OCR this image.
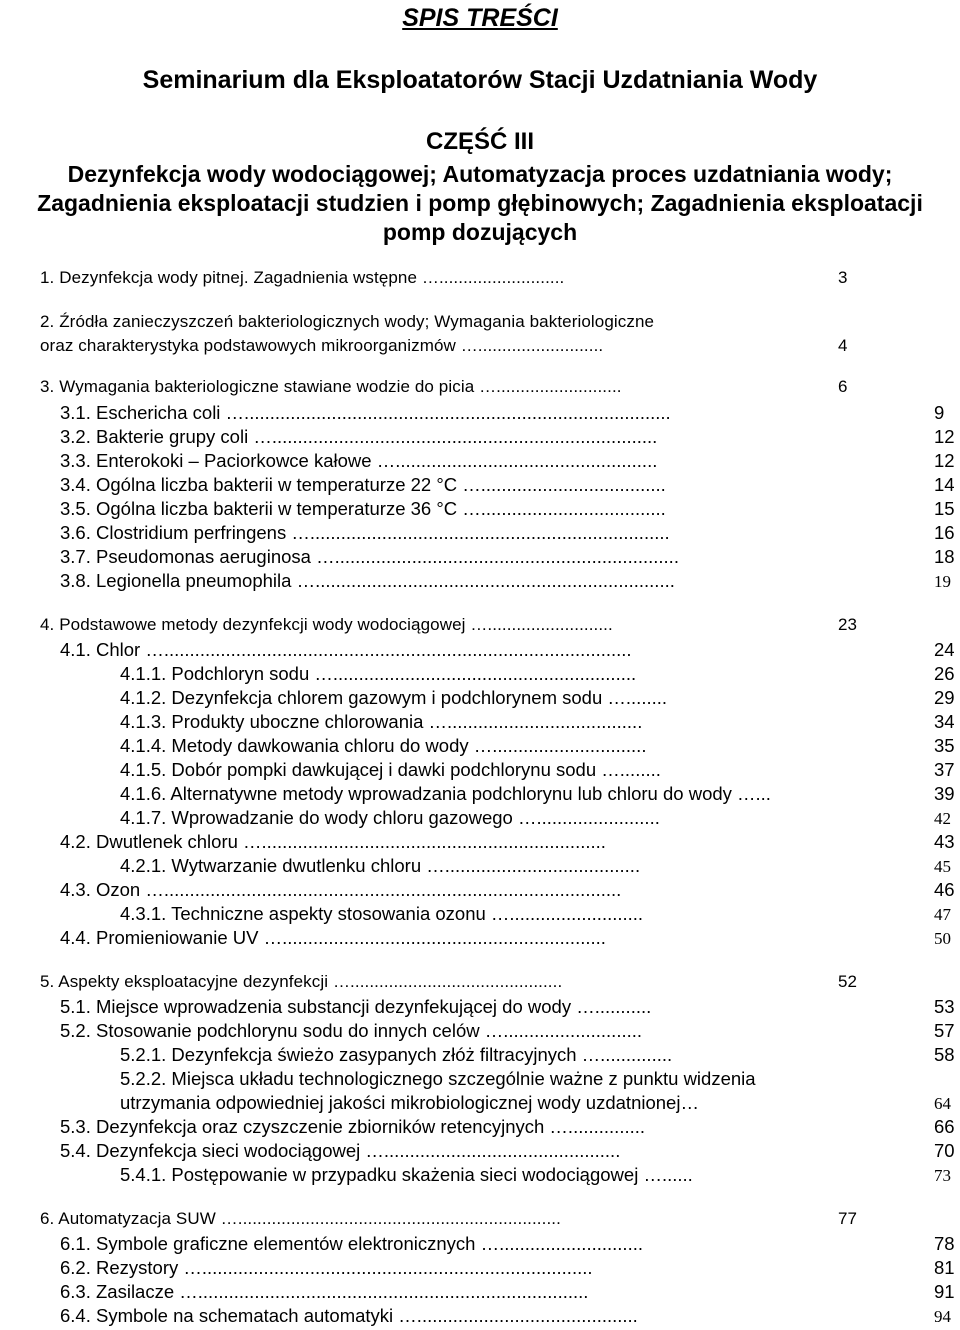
SPIS TREŚCI
Seminarium dla Eksploatatorów Stacji Uzdatniania Wody
CZĘŚĆ III
Dezynfekcja wody wodociągowej; Automatyzacja proces uzdatniania wody;
Zagadnienia eksploatacji studzien i pomp głębinowych; Zagadnienia eksploatacji
pomp dozujących
1. Dezynfekcja wody pitnej. Zagadnienia wstępne …..........................	3
2. Źródła zanieczyszczeń bakteriologicznych wody; Wymagania bakteriologiczne
oraz charakterystyka podstawowych mikroorganizmów …..........................	4
3. Wymagania bakteriologiczne stawiane wodzie do picia …..........................	6
3.1. Eschericha coli …...................................................................................	9
3.2. Bakterie grupy coli …...........................................................................	12
3.3. Enterokoki – Paciorkowce kałowe …...................................................	12
3.4. Ogólna liczba bakterii w temperaturze 22 °C …....................................	14
3.5. Ogólna liczba bakterii w temperaturze 36 °C …....................................	15
3.6. Clostridium perfringens …......................................................................	16
3.7. Pseudomonas aeruginosa …...................................................................	18
3.8. Legionella pneumophila …......................................................................	19
4. Podstawowe metody dezynfekcji wody wodociągowej …..........................	23
4.1. Chlor …...........................................................................................	24
4.1.1. Podchloryn sodu …...........................................................	26
4.1.2. Dezynfekcja chlorem gazowym i podchlorynem sodu …........	29
4.1.3. Produkty uboczne chlorowania …......................................	34
4.1.4. Metody dawkowania chloru do wody …..............................	35
4.1.5. Dobór pompki dawkującej i dawki podchlorynu sodu …........	37
4.1.6. Alternatywne metody wprowadzania podchlorynu lub chloru do wody …...	39
4.1.7. Wprowadzanie do wody chloru gazowego …........................	42
4.2. Dwutlenek chloru …...................................................................	43
4.2.1. Wytwarzanie dwutlenku chloru …......................................	45
4.3. Ozon ….........................................................................................	46
4.3.1. Techniczne aspekty stosowania ozonu …..........................	47
4.4. Promieniowanie UV …...............................................................	50
5. Aspekty eksploatacyjne dezynfekcji …............................................	52
5.1. Miejsce wprowadzenia substancji dezynfekującej do wody …...........	53
5.2. Stosowanie podchlorynu sodu do innych celów …...........................	57
5.2.1. Dezynfekcja świeżo zasypanych złóż filtracyjnych …..............	58
5.2.2. Miejsca układu technologicznego szczególnie ważne z punktu widzenia
utrzymania odpowiedniej jakości mikrobiologicznej wody uzdatnionej…	64
5.3. Dezynfekcja oraz czyszczenie zbiorników retencyjnych …...............	66
5.4. Dezynfekcja sieci wodociągowej …..............................................	70
5.4.1. Postępowanie w przypadku skażenia sieci wodociągowej …......	73
6. Automatyzacja SUW …...................................................................	77
6.1. Symbole graficzne elementów elektronicznych …............................	78
6.2. Rezystory …............................................................................	81
6.3. Zasilacze …............................................................................	91
6.4. Symbole na schematach automatyki …...........................................	94
